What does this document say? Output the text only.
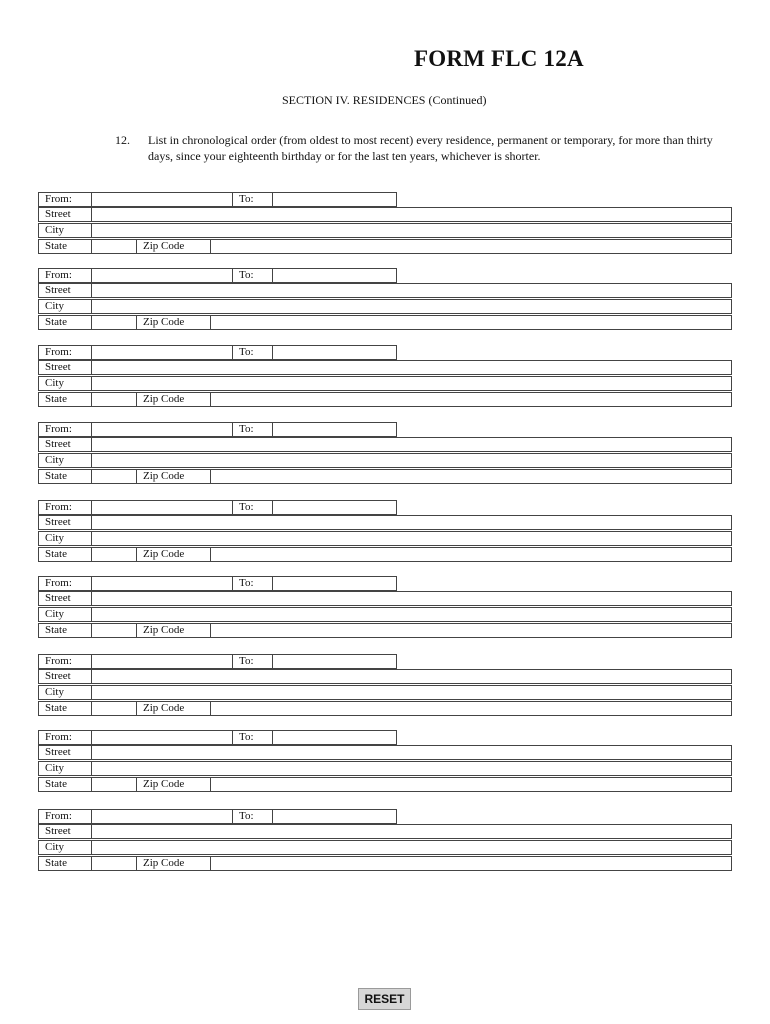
FORM FLC 12A

SECTION IV. RESIDENCES (Continued)

12. List in chronological order (from oldest to most recent) every residence, permanent or temporary, for more than thirty days, since your eighteenth birthday or for the last ten years, whichever is shorter.

From:	To:
Street
City
State	Zip Code
From:	To:
Street
City
State	Zip Code
From:	To:
Street
City
State	Zip Code
From:	To:
Street
City
State	Zip Code
From:	To:
Street
City
State	Zip Code
From:	To:
Street
City
State	Zip Code
From:	To:
Street
City
State	Zip Code
From:	To:
Street
City
State	Zip Code
From:	To:
Street
City
State	Zip Code
RESET
